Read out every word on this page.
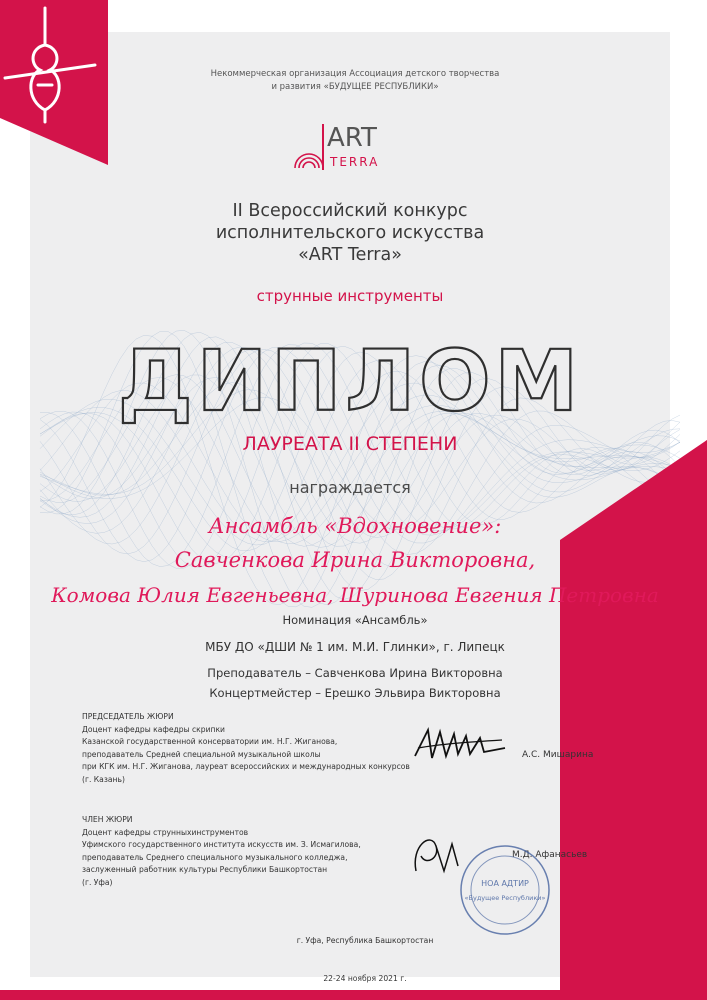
Некоммерческая организация Ассоциация детского творчества
и развития «БУДУЩЕЕ РЕСПУБЛИКИ»
ART
TERRA
II Всероссийский конкурс
исполнительского искусства
«ART Terra»
струнные инструменты
ДИПЛОМ
ЛАУРЕАТА II СТЕПЕНИ
награждается
Ансамбль «Вдохновение»:
Савченкова Ирина Викторовна,
Комова Юлия Евгеньевна, Шуринова Евгения Петровна
Номинация «Ансамбль»
МБУ ДО «ДШИ № 1 им. М.И. Глинки», г. Липецк
Преподаватель – Савченкова Ирина Викторовна
Концертмейстер – Ерешко Эльвира Викторовна
ПРЕДСЕДАТЕЛЬ ЖЮРИ
Доцент кафедры кафедры скрипки
Казанской государственной консерватории им. Н.Г. Жиганова,
преподаватель Средней специальной музыкальной школы
при КГК им. Н.Г. Жиганова, лауреат всероссийских и международных конкурсов
(г. Казань)
А.С. Мишарина
ЧЛЕН ЖЮРИ
Доцент кафедры струнныхинструментов
Уфимского государственного института искусств им. З. Исмагилова,
преподаватель Среднего специального музыкального колледжа,
заслуженный работник культуры Республики Башкортостан
(г. Уфа)
М.Д. Афанасьев
НОА АДТИР
«Будущее Республики»
г. Уфа, Республика Башкортостан
22-24 ноября 2021 г.
